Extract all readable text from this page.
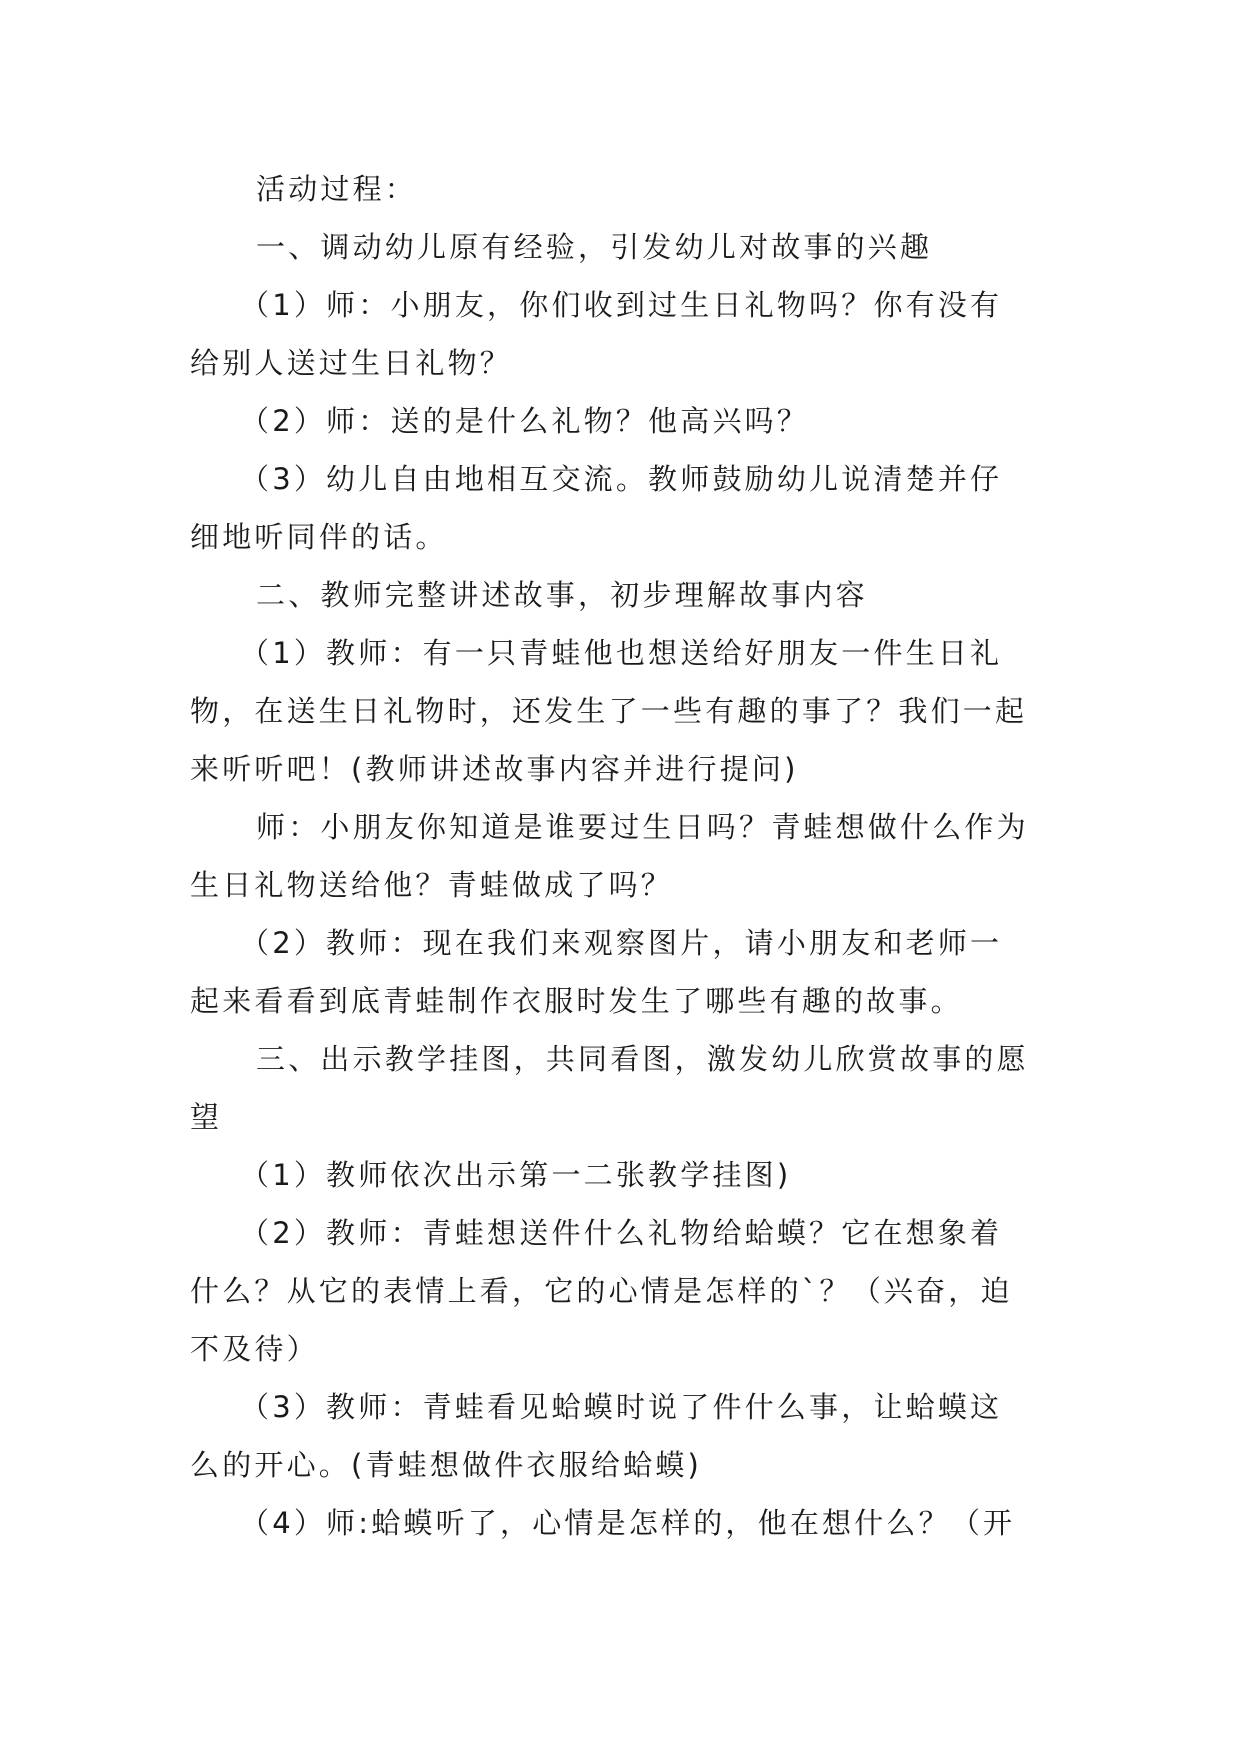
活动过程：
一、调动幼儿原有经验，引发幼儿对故事的兴趣
（1）师：小朋友，你们收到过生日礼物吗？你有没有
给别人送过生日礼物？
（2）师：送的是什么礼物？他高兴吗？
（3）幼儿自由地相互交流。教师鼓励幼儿说清楚并仔
细地听同伴的话。
二、教师完整讲述故事，初步理解故事内容
（1）教师：有一只青蛙他也想送给好朋友一件生日礼
物，在送生日礼物时，还发生了一些有趣的事了？我们一起
来听听吧！(教师讲述故事内容并进行提问)
师：小朋友你知道是谁要过生日吗？青蛙想做什么作为
生日礼物送给他？青蛙做成了吗？
（2）教师：现在我们来观察图片，请小朋友和老师一
起来看看到底青蛙制作衣服时发生了哪些有趣的故事。
三、出示教学挂图，共同看图，激发幼儿欣赏故事的愿
望
（1）教师依次出示第一二张教学挂图)
（2）教师：青蛙想送件什么礼物给蛤蟆？它在想象着
什么？从它的表情上看，它的心情是怎样的`？（兴奋，迫
不及待）
（3）教师：青蛙看见蛤蟆时说了件什么事，让蛤蟆这
么的开心。(青蛙想做件衣服给蛤蟆)
（4）师:蛤蟆听了，心情是怎样的，他在想什么？（开
